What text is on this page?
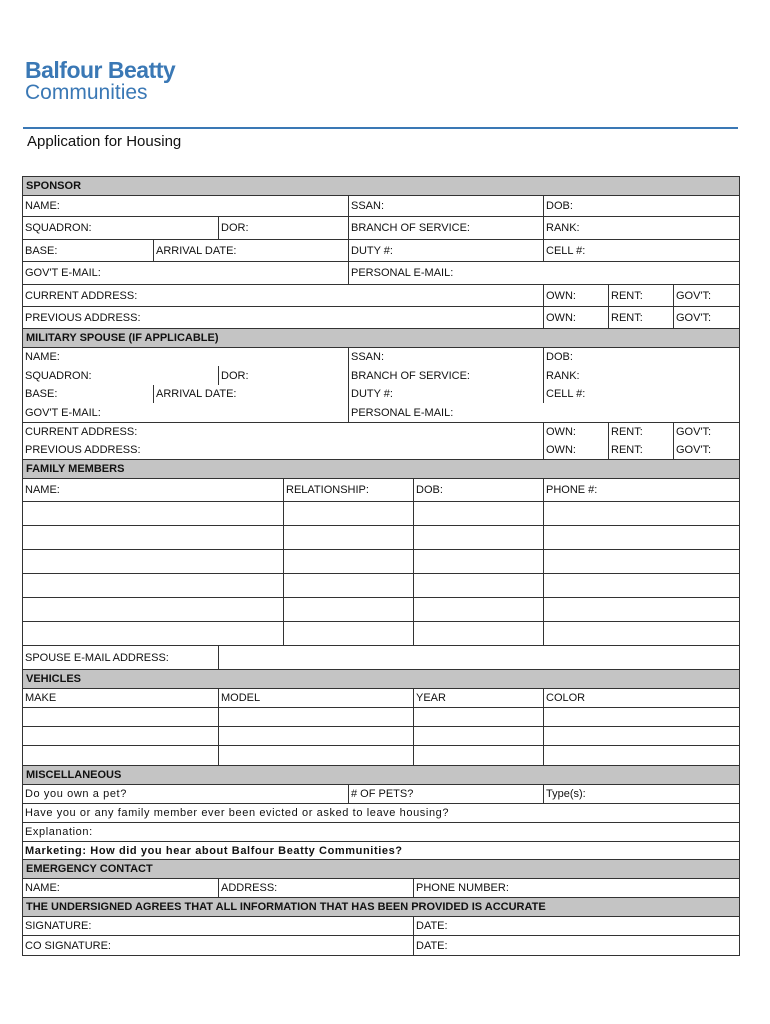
Balfour Beatty
Communities
Application for Housing
SPONSOR
NAME:	SSAN:	DOB:
SQUADRON:	DOR:	BRANCH OF SERVICE:	RANK:
BASE:	ARRIVAL DATE:	DUTY #:	CELL #:
GOV'T E-MAIL:	PERSONAL E-MAIL:
CURRENT ADDRESS:	OWN:	RENT:	GOV'T:
PREVIOUS ADDRESS:	OWN:	RENT:	GOV'T:
MILITARY SPOUSE (IF APPLICABLE)
NAME:	SSAN:	DOB:
SQUADRON:	DOR:	BRANCH OF SERVICE:	RANK:
BASE:	ARRIVAL DATE:	DUTY #:	CELL #:
GOV'T E-MAIL:	PERSONAL E-MAIL:
CURRENT ADDRESS:	OWN:	RENT:	GOV'T:
PREVIOUS ADDRESS:	OWN:	RENT:	GOV'T:
FAMILY MEMBERS
NAME:	RELATIONSHIP:	DOB:	PHONE #:
SPOUSE E-MAIL ADDRESS:
VEHICLES
MAKE	MODEL	YEAR	COLOR
MISCELLANEOUS
Do you own a pet?	# OF PETS?	Type(s):
Have you or any family member ever been evicted or asked to leave housing?
Explanation:
Marketing: How did you hear about Balfour Beatty Communities?
EMERGENCY CONTACT
NAME:	ADDRESS:	PHONE NUMBER:
THE UNDERSIGNED AGREES THAT ALL INFORMATION THAT HAS BEEN PROVIDED IS ACCURATE
SIGNATURE:	DATE:
CO SIGNATURE:	DATE:
